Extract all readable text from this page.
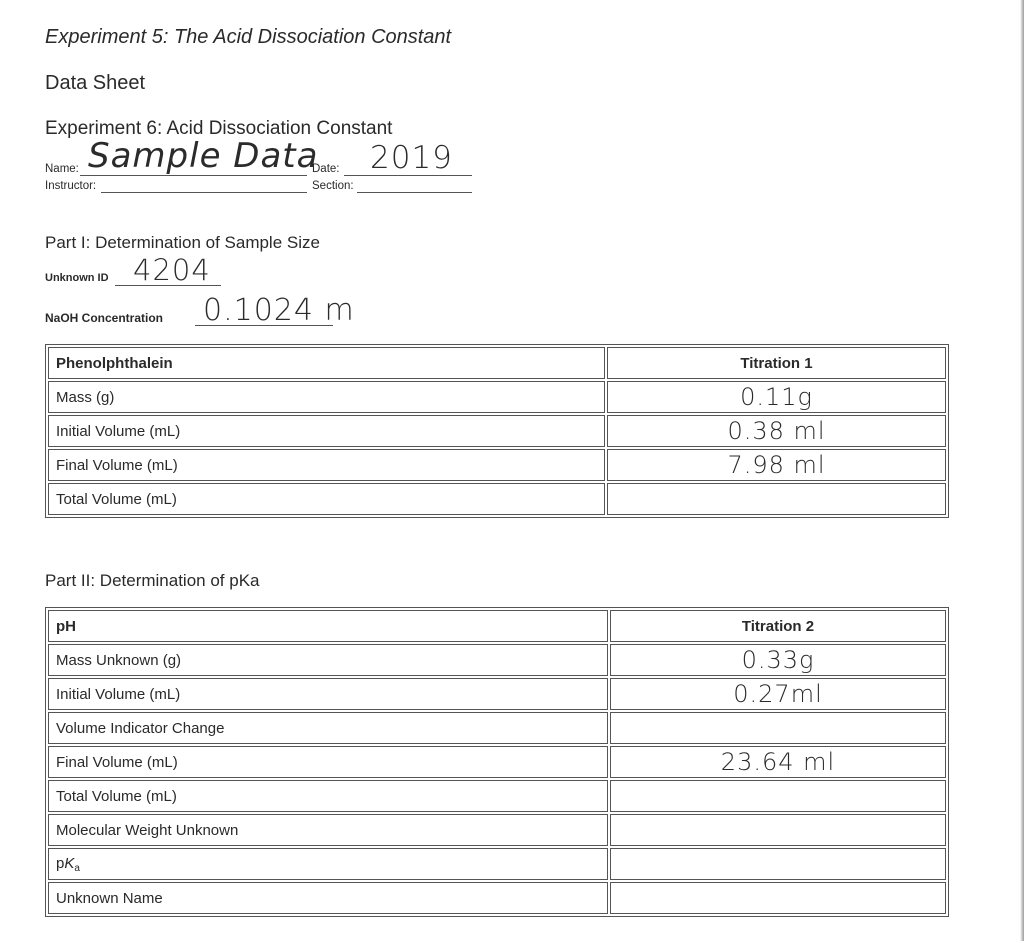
Experiment 5: The Acid Dissociation Constant
Data Sheet
Experiment 6: Acid Dissociation Constant
Name: Sample Data
Date: 2019
Instructor:	Section:
Part I: Determination of Sample Size
Unknown ID 4204
NaOH Concentration 0.1024 m
Phenolphthalein	Titration 1
Mass (g)	0.11g

Initial Volume (mL)	0.38 ml

Final Volume (mL)	7.98 ml

Total Volume (mL)	
Part II: Determination of pKa
pH	Titration 2
Mass Unknown (g)	0.33g

Initial Volume (mL)	0.27ml

Volume Indicator Change	

Final Volume (mL)	23.64 ml

Total Volume (mL)	

Molecular Weight Unknown	

$pK_a$	

Unknown Name	
